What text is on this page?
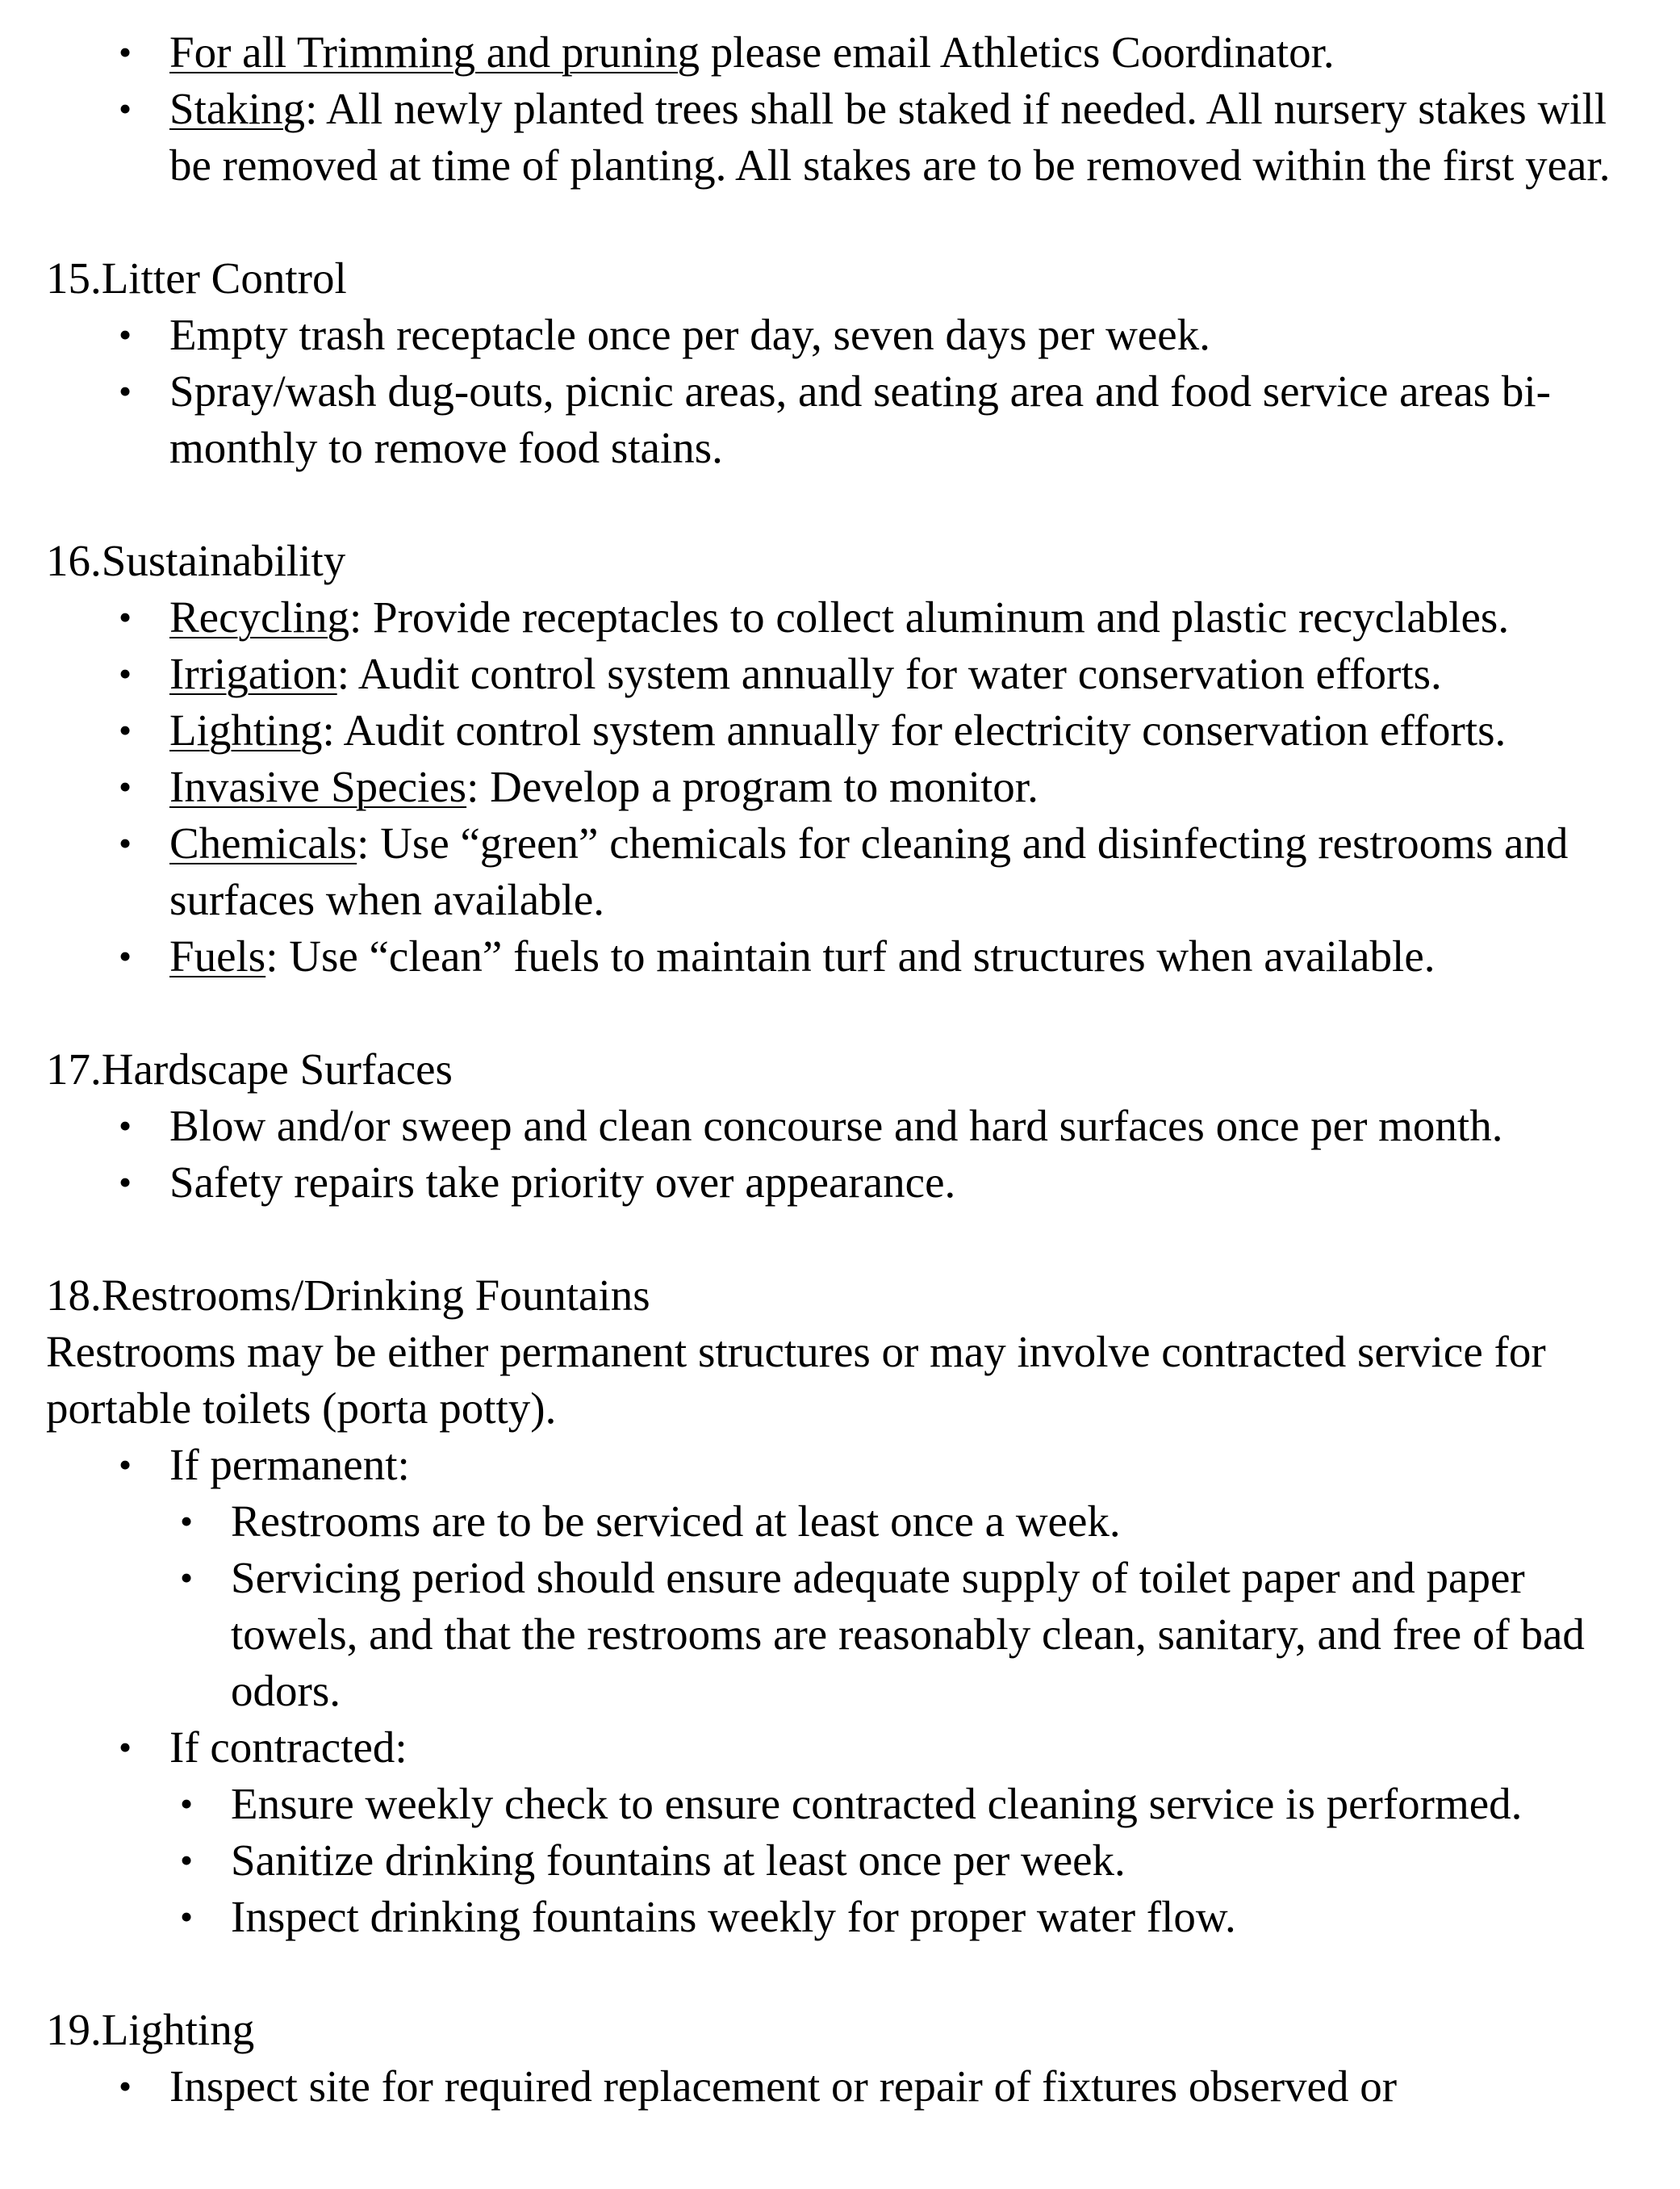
• For all Trimming and pruning please email Athletics Coordinator.
• Staking: All newly planted trees shall be staked if needed. All nursery stakes will be removed at time of planting. All stakes are to be removed within the first year.
15.Litter Control
• Empty trash receptacle once per day, seven days per week.
• Spray/wash dug-outs, picnic areas, and seating area and food service areas bi-monthly to remove food stains.
16.Sustainability
• Recycling: Provide receptacles to collect aluminum and plastic recyclables.
• Irrigation: Audit control system annually for water conservation efforts.
• Lighting: Audit control system annually for electricity conservation efforts.
• Invasive Species: Develop a program to monitor.
• Chemicals: Use “green” chemicals for cleaning and disinfecting restrooms and surfaces when available.
• Fuels: Use “clean” fuels to maintain turf and structures when available.
17.Hardscape Surfaces
• Blow and/or sweep and clean concourse and hard surfaces once per month.
• Safety repairs take priority over appearance.
18.Restrooms/Drinking Fountains

Restrooms may be either permanent structures or may involve contracted service for portable toilets (porta potty).

• If permanent:
• Restrooms are to be serviced at least once a week.
• Servicing period should ensure adequate supply of toilet paper and paper towels, and that the restrooms are reasonably clean, sanitary, and free of bad odors.
• If contracted:
• Ensure weekly check to ensure contracted cleaning service is performed.
• Sanitize drinking fountains at least once per week.
• Inspect drinking fountains weekly for proper water flow.
19.Lighting
• Inspect site for required replacement or repair of fixtures observed or
